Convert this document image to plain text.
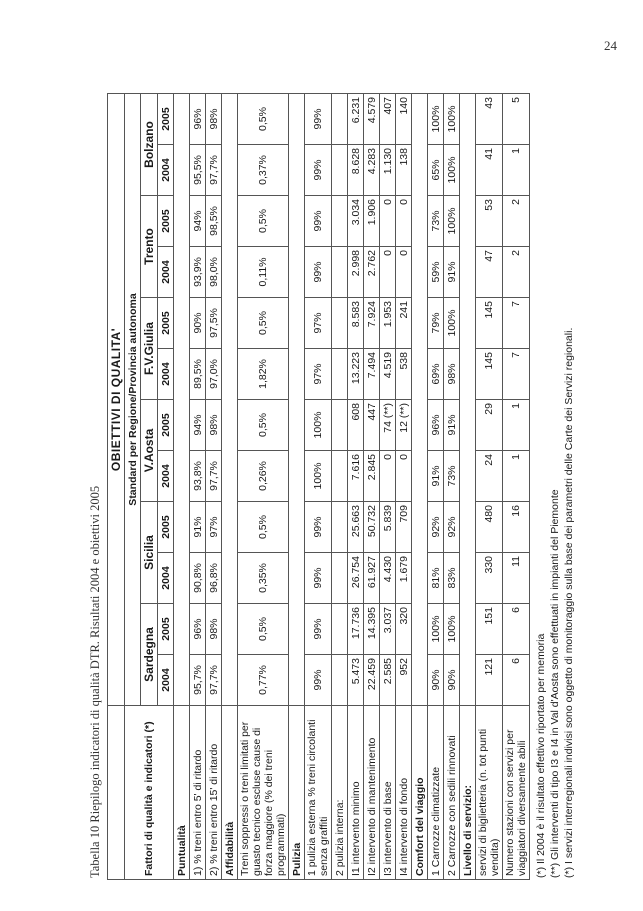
24
Tabella 10 Riepilogo indicatori di qualità DTR. Risultati 2004 e obiettivi 2005
	OBIETTIVI DI QUALITA'											
Fattori di qualità e indicatori (*)	Standard per Regione/Provincia autonoma											
	Sardegna		Sicilia		V.Aosta		F.V.Giulia		Trento		Bolzano	
	2004	2005	2004	2005	2004	2005	2004	2005	2004	2005	2004	2005
Puntualità												
1) % treni entro 5' di ritardo	95,7%	96%	90,8%	91%	93,8%	94%	89,5%	90%	93,9%	94%	95,5%	96%
2) % treni entro 15' di ritardo	97,7%	98%	96,8%	97%	97,7%	98%	97,0%	97,5%	98,0%	98,5%	97,7%	98%
Affidabilità												
Treni soppressi o treni limitati per guasto tecnico escluse cause di forza maggiore (% dei treni programmati)	0,77%	0,5%	0,35%	0,5%	0,26%	0,5%	1,82%	0,5%	0,11%	0,5%	0,37%	0,5%
Pulizia												
1 pulizia esterna % treni circolanti senza graffiti	99%	99%	99%	99%	100%	100%	97%	97%	99%	99%	99%	99%
2 pulizia interna:												
I1 intervento minimo	5.473	17.736	26.754	25.663	7.616	608	13.223	8.583	2.998	3.034	8.628	6.231
I2 intervento di mantenimento	22.459	14.395	61.927	50.732	2.845	447	7.494	7.924	2.762	1.906	4.283	4.579
I3 intervento di base	2.585	3.037	4.430	5.839	0	74 (**)	4.519	1.953	0	0	1.130	407
I4 intervento di fondo	952	320	1.679	709	0	12 (**)	538	241	0	0	138	140
Comfort del viaggio												
1 Carrozze climatizzate	90%	100%	81%	92%	91%	96%	69%	79%	59%	73%	65%	100%
2 Carrozze con sedili rinnovati	90%	100%	83%	92%	73%	91%	98%	100%	91%	100%	100%	100%
Livello di servizio:												
servizi di biglietteria (n. tot punti vendita)	121	151	330	480	24	29	145	145	47	53	41	43
Numero stazioni con servizi per viaggiatori diversamente abili	6	6	11	16	1	1	7	7	2	2	1	5
(*) Il 2004 è il risultato effettivo riportato per memoria (**) Gli interventi di tipo I3 e I4 in Val d'Aosta sono effettuati in impianti del Piemonte (*) I servizi interregionali indivisi sono oggetto di monitoraggio sulla base dei parametri delle Carte dei Servizi regionali.
